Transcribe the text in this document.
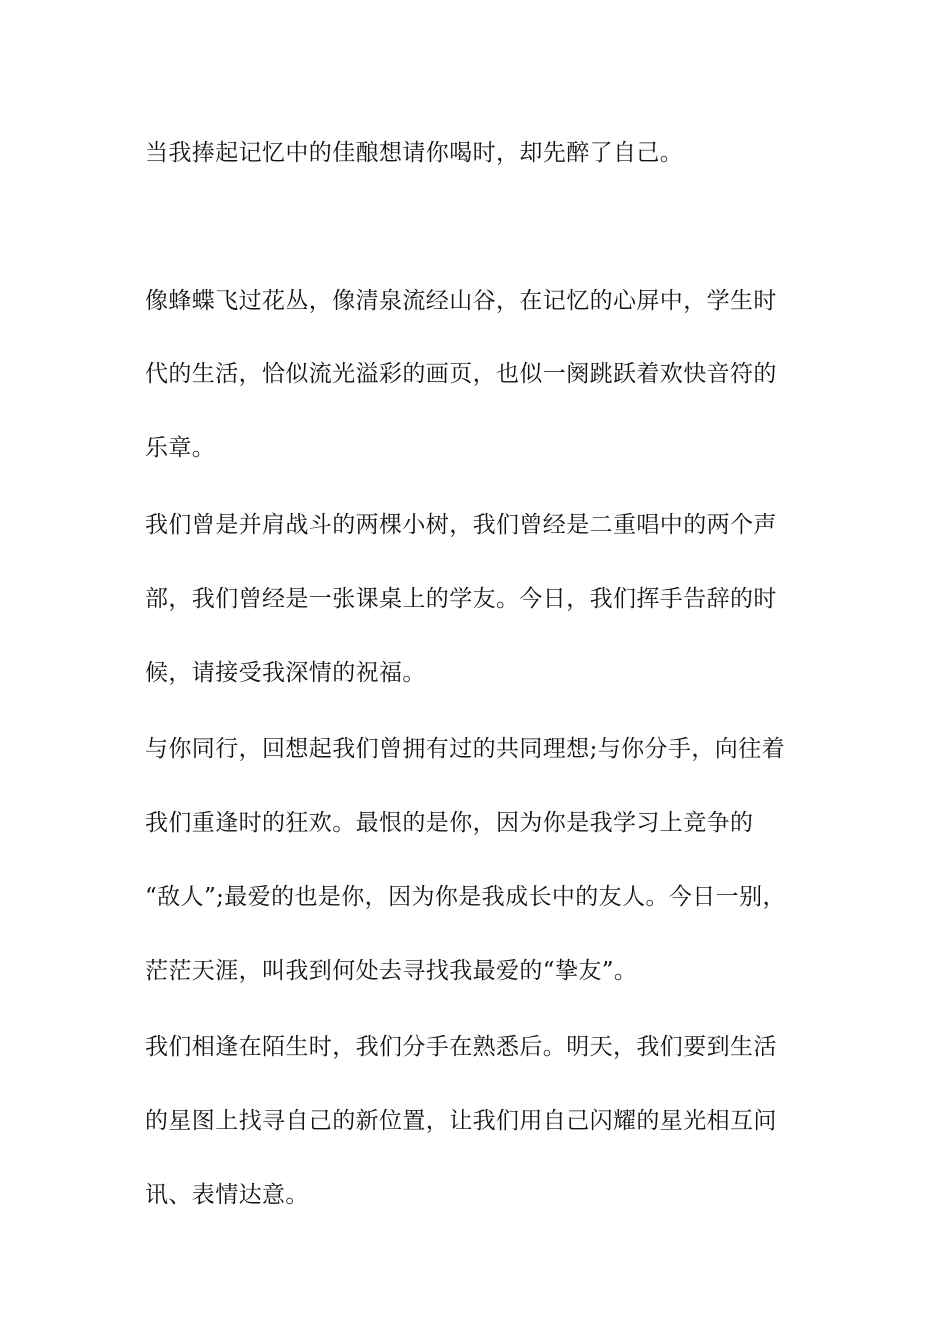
当我捧起记忆中的佳酿想请你喝时，却先醉了自己。
像蜂蝶飞过花丛，像清泉流经山谷，在记忆的心屏中，学生时
代的生活，恰似流光溢彩的画页，也似一阕跳跃着欢快音符的
乐章。
我们曾是并肩战斗的两棵小树，我们曾经是二重唱中的两个声
部，我们曾经是一张课桌上的学友。今日，我们挥手告辞的时
候，请接受我深情的祝福。
与你同行，回想起我们曾拥有过的共同理想;与你分手，向往着
我们重逢时的狂欢。最恨的是你，因为你是我学习上竞争的
“敌人”;最爱的也是你，因为你是我成长中的友人。今日一别，
茫茫天涯，叫我到何处去寻找我最爱的“挚友”。
我们相逢在陌生时，我们分手在熟悉后。明天，我们要到生活
的星图上找寻自己的新位置，让我们用自己闪耀的星光相互问
讯、表情达意。
